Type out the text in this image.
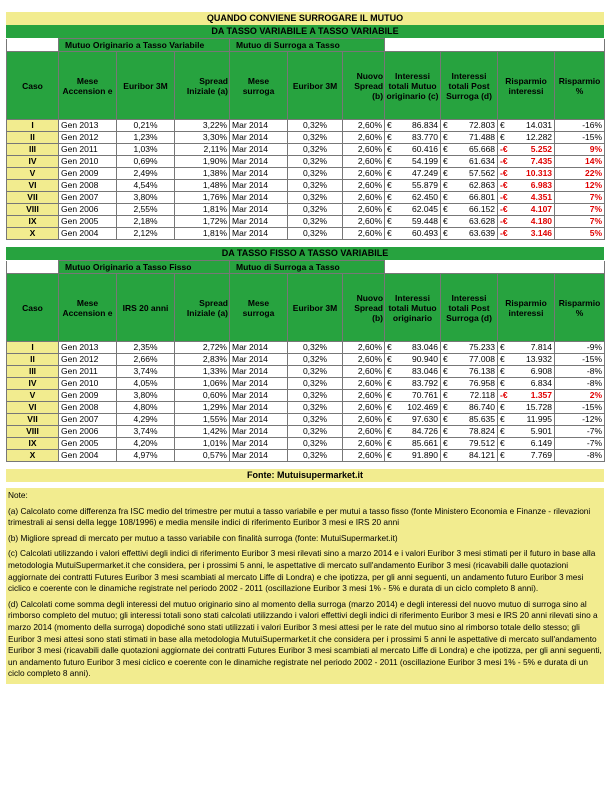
QUANDO CONVIENE SURROGARE IL MUTUO
DA TASSO VARIABILE A TASSO VARIABILE
	Mutuo Originario a Tasso Variabile			Mutuo di Surroga a Tasso						
Caso	Mese Accension e	Euribor 3M	Spread Iniziale (a)	Mese surroga	Euribor 3M	Nuovo Spread (b)	Interessi totali Mutuo originario (c)	Interessi totali Post Surroga (d)	Risparmio interessi	Risparmio %
I	Gen 2013	0,21%	3,22%	Mar 2014	0,32%	2,60%	€ 86.834	€ 72.803	€ 14.031	-16%
II	Gen 2012	1,23%	3,30%	Mar 2014	0,32%	2,60%	€ 83.770	€ 71.488	€ 12.282	-15%
III	Gen 2011	1,03%	2,11%	Mar 2014	0,32%	2,60%	€ 60.416	€ 65.668	-€ 5.252	9%
IV	Gen 2010	0,69%	1,90%	Mar 2014	0,32%	2,60%	€ 54.199	€ 61.634	-€ 7.435	14%
V	Gen 2009	2,49%	1,38%	Mar 2014	0,32%	2,60%	€ 47.249	€ 57.562	-€ 10.313	22%
VI	Gen 2008	4,54%	1,48%	Mar 2014	0,32%	2,60%	€ 55.879	€ 62.863	-€ 6.983	12%
VII	Gen 2007	3,80%	1,76%	Mar 2014	0,32%	2,60%	€ 62.450	€ 66.801	-€ 4.351	7%
VIII	Gen 2006	2,55%	1,81%	Mar 2014	0,32%	2,60%	€ 62.045	€ 66.152	-€ 4.107	7%
IX	Gen 2005	2,18%	1,72%	Mar 2014	0,32%	2,60%	€ 59.448	€ 63.628	-€ 4.180	7%
X	Gen 2004	2,12%	1,81%	Mar 2014	0,32%	2,60%	€ 60.493	€ 63.639	-€ 3.146	5%
DA TASSO FISSO A TASSO VARIABILE
	Mutuo Originario a Tasso Fisso			Mutuo di Surroga a Tasso						
Caso	Mese Accension e	IRS 20 anni	Spread Iniziale (a)	Mese surroga	Euribor 3M	Nuovo Spread (b)	Interessi totali Mutuo originario	Interessi totali Post Surroga (d)	Risparmio interessi	Risparmio %
I	Gen 2013	2,35%	2,72%	Mar 2014	0,32%	2,60%	€ 83.046	€ 75.233	€ 7.814	-9%
II	Gen 2012	2,66%	2,83%	Mar 2014	0,32%	2,60%	€ 90.940	€ 77.008	€ 13.932	-15%
III	Gen 2011	3,74%	1,33%	Mar 2014	0,32%	2,60%	€ 83.046	€ 76.138	€ 6.908	-8%
IV	Gen 2010	4,05%	1,06%	Mar 2014	0,32%	2,60%	€ 83.792	€ 76.958	€ 6.834	-8%
V	Gen 2009	3,80%	0,60%	Mar 2014	0,32%	2,60%	€ 70.761	€ 72.118	-€ 1.357	2%
VI	Gen 2008	4,80%	1,29%	Mar 2014	0,32%	2,60%	€ 102.469	€ 86.740	€ 15.728	-15%
VII	Gen 2007	4,29%	1,55%	Mar 2014	0,32%	2,60%	€ 97.630	€ 85.635	€ 11.995	-12%
VIII	Gen 2006	3,74%	1,42%	Mar 2014	0,32%	2,60%	€ 84.726	€ 78.824	€ 5.901	-7%
IX	Gen 2005	4,20%	1,01%	Mar 2014	0,32%	2,60%	€ 85.661	€ 79.512	€ 6.149	-7%
X	Gen 2004	4,97%	0,57%	Mar 2014	0,32%	2,60%	€ 91.890	€ 84.121	€ 7.769	-8%
Fonte: Mutuisupermarket.it

Note:

(a) Calcolato come differenza fra ISC medio del trimestre per mutui a tasso variabile e per mutui a tasso fisso (fonte Ministero Economia e Finanze - rilevazioni trimestrali ai sensi della legge 108/1996) e media mensile indici di riferimento Euribor 3 mesi e IRS 20 anni

(b) Migliore spread di mercato per mutuo a tasso variabile con finalità surroga (fonte: MutuiSupermarket.it)

(c) Calcolati utilizzando i valori effettivi degli indici di riferimento Euribor 3 mesi rilevati sino a marzo 2014 e i valori Euribor 3 mesi stimati per il futuro in base alla metodologia MutuiSupermarket.it che considera, per i prossimi 5 anni, le aspettative di mercato sull'andamento Euribor 3 mesi (ricavabili dalle quotazioni aggiornate dei contratti Futures Euribor 3 mesi scambiati al mercato Liffe di Londra) e che ipotizza, per gli anni seguenti, un andamento futuro Euribor 3 mesi ciclico e coerente con le dinamiche registrate nel periodo 2002 - 2011 (oscillazione Euribor 3 mesi 1% - 5% e durata di un ciclo completo 8 anni).

(d) Calcolati come somma degli interessi del mutuo originario sino al momento della surroga (marzo 2014) e degli interessi del nuovo mutuo di surroga sino al rimborso completo del mutuo; gli interessi totali sono stati calcolati utilizzando i valori effettivi degli indici di riferimento Euribor 3 mesi e IRS 20 anni rilevati sino a marzo 2014 (momento della surroga) dopodiché sono stati utilizzati i valori Euribor 3 mesi attesi per le rate del mutuo sino al rimborso totale dello stesso; gli Euribor 3 mesi attesi sono stati stimati in base alla metodologia MutuiSupermarket.it che considera per i prossimi 5 anni le aspettative di mercato sull'andamento Euribor 3 mesi (ricavabili dalle quotazioni aggiornate dei contratti Futures Euribor 3 mesi scambiati al mercato Liffe di Londra) e che ipotizza, per gli anni seguenti, un andamento futuro Euribor 3 mesi ciclico e coerente con le dinamiche registrate nel periodo 2002 - 2011 (oscillazione Euribor 3 mesi 1% - 5% e durata di un ciclo completo 8 anni).
